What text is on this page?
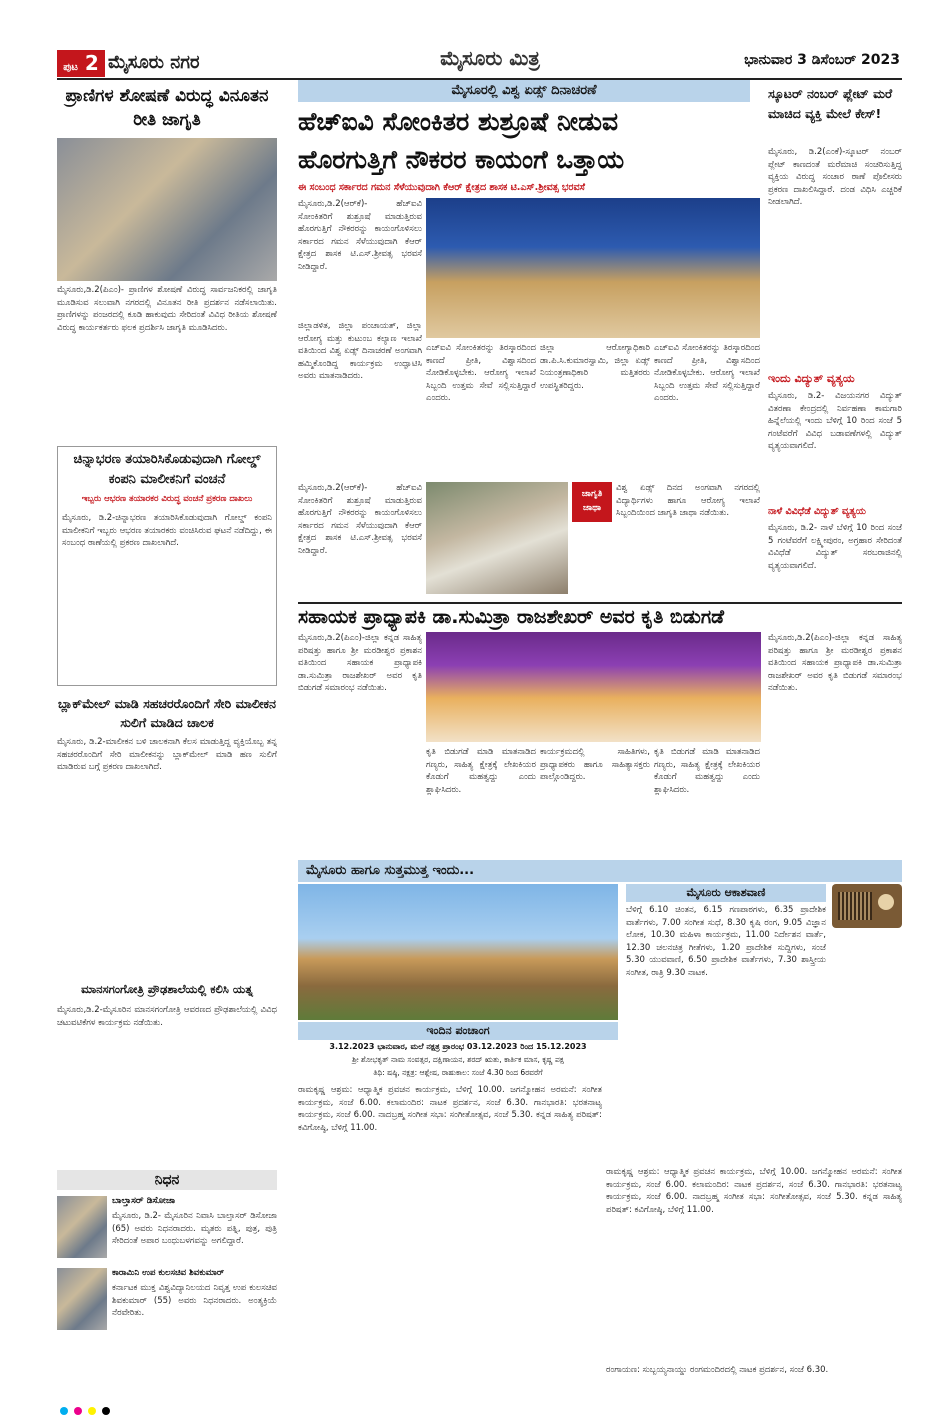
ಪುಟ 2 ಮೈಸೂರು ನಗರ	ಮೈಸೂರು ಮಿತ್ರ	ಭಾನುವಾರ 3 ಡಿಸೆಂಬರ್ 2023
ಪ್ರಾಣಿಗಳ ಶೋಷಣೆ ವಿರುದ್ಧ ವಿನೂತನ ರೀತಿ ಜಾಗೃತಿ
ಮೈಸೂರು,ಡಿ.2(ಪಿಎಂ)- ಪ್ರಾಣಿಗಳ ಶೋಷಣೆ ವಿರುದ್ಧ ಸಾರ್ವಜನಿಕರಲ್ಲಿ ಜಾಗೃತಿ ಮೂಡಿಸುವ ಸಲುವಾಗಿ ನಗರದಲ್ಲಿ ವಿನೂತನ ರೀತಿ ಪ್ರದರ್ಶನ ನಡೆಸಲಾಯಿತು. ಪ್ರಾಣಿಗಳನ್ನು ಪಂಜರದಲ್ಲಿ ಕೂಡಿ ಹಾಕುವುದು ಸೇರಿದಂತೆ ವಿವಿಧ ರೀತಿಯ ಶೋಷಣೆ ವಿರುದ್ಧ ಕಾರ್ಯಕರ್ತರು ಫಲಕ ಪ್ರದರ್ಶಿಸಿ ಜಾಗೃತಿ ಮೂಡಿಸಿದರು.
ಚಿನ್ನಾಭರಣ ತಯಾರಿಸಿಕೊಡುವುದಾಗಿ ಗೋಲ್ಡ್ ಕಂಪನಿ ಮಾಲೀಕನಿಗೆ ವಂಚನೆ
ಇಬ್ಬರು ಆಭರಣ ತಯಾರಕರ ವಿರುದ್ಧ ವಂಚನೆ ಪ್ರಕರಣ ದಾಖಲು
ಮೈಸೂರು, ಡಿ.2-ಚಿನ್ನಾಭರಣ ತಯಾರಿಸಿಕೊಡುವುದಾಗಿ ಗೋಲ್ಡ್ ಕಂಪನಿ ಮಾಲೀಕನಿಗೆ ಇಬ್ಬರು ಆಭರಣ ತಯಾರಕರು ವಂಚಿಸಿರುವ ಘಟನೆ ನಡೆದಿದ್ದು, ಈ ಸಂಬಂಧ ಠಾಣೆಯಲ್ಲಿ ಪ್ರಕರಣ ದಾಖಲಾಗಿದೆ.
ಬ್ಲಾಕ್‌ಮೇಲ್ ಮಾಡಿ ಸಹಚರರೊಂದಿಗೆ ಸೇರಿ ಮಾಲೀಕನ ಸುಲಿಗೆ ಮಾಡಿದ ಚಾಲಕ
ಮೈಸೂರು, ಡಿ.2-ಮಾಲೀಕನ ಬಳಿ ಚಾಲಕನಾಗಿ ಕೆಲಸ ಮಾಡುತ್ತಿದ್ದ ವ್ಯಕ್ತಿಯೊಬ್ಬ ತನ್ನ ಸಹಚರರೊಂದಿಗೆ ಸೇರಿ ಮಾಲೀಕನನ್ನು ಬ್ಲಾಕ್‌ಮೇಲ್ ಮಾಡಿ ಹಣ ಸುಲಿಗೆ ಮಾಡಿರುವ ಬಗ್ಗೆ ಪ್ರಕರಣ ದಾಖಲಾಗಿದೆ.
ಮಾನಸಗಂಗೋತ್ರಿ ಪ್ರೌಢಶಾಲೆಯಲ್ಲಿ ಕಲಿಸಿ ಯತ್ನ
ಮೈಸೂರು,ಡಿ.2-ಮೈಸೂರಿನ ಮಾನಸಗಂಗೋತ್ರಿ ಆವರಣದ ಪ್ರೌಢಶಾಲೆಯಲ್ಲಿ ವಿವಿಧ ಚಟುವಟಿಕೆಗಳ ಕಾರ್ಯಕ್ರಮ ನಡೆಯಿತು.
ನಿಧನ
ಬಾಲ್ತಾಸರ್ ಡಿಸೋಜಾ
ಮೈಸೂರು, ಡಿ.2- ಮೈಸೂರಿನ ನಿವಾಸಿ ಬಾಲ್ತಾಸರ್ ಡಿಸೋಜಾ (65) ಅವರು ನಿಧನರಾದರು. ಮೃತರು ಪತ್ನಿ, ಪುತ್ರ, ಪುತ್ರಿ ಸೇರಿದಂತೆ ಅಪಾರ ಬಂಧುಬಳಗವನ್ನು ಅಗಲಿದ್ದಾರೆ.
ಕಾರಾಮಿನಿ ಉಪ ಕುಲಸಚಿವ ಶಿವಕುಮಾರ್
ಕರ್ನಾಟಕ ಮುಕ್ತ ವಿಶ್ವವಿದ್ಯಾನಿಲಯದ ನಿವೃತ್ತ ಉಪ ಕುಲಸಚಿವ ಶಿವಕುಮಾರ್ (55) ಅವರು ನಿಧನರಾದರು. ಅಂತ್ಯಕ್ರಿಯೆ ನೆರವೇರಿತು.
ಮೈಸೂರಲ್ಲಿ ವಿಶ್ವ ಏಡ್ಸ್ ದಿನಾಚರಣೆ
ಹೆಚ್‌ಐವಿ ಸೋಂಕಿತರ ಶುಶ್ರೂಷೆ ನೀಡುವ
ಹೊರಗುತ್ತಿಗೆ ನೌಕರರ ಕಾಯಂಗೆ ಒತ್ತಾಯ
ಈ ಸಂಬಂಧ ಸರ್ಕಾರದ ಗಮನ ಸೆಳೆಯುವುದಾಗಿ ಕೆಆರ್ ಕ್ಷೇತ್ರದ ಶಾಸಕ ಟಿ.ಎಸ್.ಶ್ರೀವತ್ಸ ಭರವಸೆ
ಮೈಸೂರು,ಡಿ.2(ಆರ್‌ಕೆ)- ಹೆಚ್‌ಐವಿ ಸೋಂಕಿತರಿಗೆ ಶುಶ್ರೂಷೆ ಮಾಡುತ್ತಿರುವ ಹೊರಗುತ್ತಿಗೆ ನೌಕರರನ್ನು ಕಾಯಂಗೊಳಿಸಲು ಸರ್ಕಾರದ ಗಮನ ಸೆಳೆಯುವುದಾಗಿ ಕೆಆರ್ ಕ್ಷೇತ್ರದ ಶಾಸಕ ಟಿ.ಎಸ್.ಶ್ರೀವತ್ಸ ಭರವಸೆ ನೀಡಿದ್ದಾರೆ.
ಜಿಲ್ಲಾಡಳಿತ, ಜಿಲ್ಲಾ ಪಂಚಾಯತ್, ಜಿಲ್ಲಾ ಆರೋಗ್ಯ ಮತ್ತು ಕುಟುಂಬ ಕಲ್ಯಾಣ ಇಲಾಖೆ ವತಿಯಿಂದ ವಿಶ್ವ ಏಡ್ಸ್ ದಿನಾಚರಣೆ ಅಂಗವಾಗಿ ಹಮ್ಮಿಕೊಂಡಿದ್ದ ಕಾರ್ಯಕ್ರಮ ಉದ್ಘಾಟಿಸಿ ಅವರು ಮಾತನಾಡಿದರು.
ಎಚ್‌ಐವಿ ಸೋಂಕಿತರನ್ನು ತಿರಸ್ಕಾರದಿಂದ ಕಾಣದೆ ಪ್ರೀತಿ, ವಿಶ್ವಾಸದಿಂದ ನೋಡಿಕೊಳ್ಳಬೇಕು. ಆರೋಗ್ಯ ಇಲಾಖೆ ಸಿಬ್ಬಂದಿ ಉತ್ತಮ ಸೇವೆ ಸಲ್ಲಿಸುತ್ತಿದ್ದಾರೆ ಎಂದರು.
ಜಿಲ್ಲಾ ಆರೋಗ್ಯಾಧಿಕಾರಿ ಡಾ.ಪಿ.ಸಿ.ಕುಮಾರಸ್ವಾಮಿ, ಜಿಲ್ಲಾ ಏಡ್ಸ್ ನಿಯಂತ್ರಣಾಧಿಕಾರಿ ಮತ್ತಿತರರು ಉಪಸ್ಥಿತರಿದ್ದರು.
ಎಚ್‌ಐವಿ ಸೋಂಕಿತರನ್ನು ತಿರಸ್ಕಾರದಿಂದ ಕಾಣದೆ ಪ್ರೀತಿ, ವಿಶ್ವಾಸದಿಂದ ನೋಡಿಕೊಳ್ಳಬೇಕು. ಆರೋಗ್ಯ ಇಲಾಖೆ ಸಿಬ್ಬಂದಿ ಉತ್ತಮ ಸೇವೆ ಸಲ್ಲಿಸುತ್ತಿದ್ದಾರೆ ಎಂದರು.
ಮೈಸೂರು,ಡಿ.2(ಆರ್‌ಕೆ)- ಹೆಚ್‌ಐವಿ ಸೋಂಕಿತರಿಗೆ ಶುಶ್ರೂಷೆ ಮಾಡುತ್ತಿರುವ ಹೊರಗುತ್ತಿಗೆ ನೌಕರರನ್ನು ಕಾಯಂಗೊಳಿಸಲು ಸರ್ಕಾರದ ಗಮನ ಸೆಳೆಯುವುದಾಗಿ ಕೆಆರ್ ಕ್ಷೇತ್ರದ ಶಾಸಕ ಟಿ.ಎಸ್.ಶ್ರೀವತ್ಸ ಭರವಸೆ ನೀಡಿದ್ದಾರೆ.
ಜಾಗೃತಿ ಜಾಥಾ
ವಿಶ್ವ ಏಡ್ಸ್ ದಿನದ ಅಂಗವಾಗಿ ನಗರದಲ್ಲಿ ವಿದ್ಯಾರ್ಥಿಗಳು ಹಾಗೂ ಆರೋಗ್ಯ ಇಲಾಖೆ ಸಿಬ್ಬಂದಿಯಿಂದ ಜಾಗೃತಿ ಜಾಥಾ ನಡೆಯಿತು.
ಸ್ಕೂಟರ್ ನಂಬರ್ ಪ್ಲೇಟ್ ಮರೆ ಮಾಚಿದ ವ್ಯಕ್ತಿ ಮೇಲೆ ಕೇಸ್!
ಮೈಸೂರು, ಡಿ.2(ಎಂಕೆ)-ಸ್ಕೂಟರ್ ನಂಬರ್ ಪ್ಲೇಟ್ ಕಾಣದಂತೆ ಮರೆಮಾಚಿ ಸಂಚರಿಸುತ್ತಿದ್ದ ವ್ಯಕ್ತಿಯ ವಿರುದ್ಧ ಸಂಚಾರ ಠಾಣೆ ಪೊಲೀಸರು ಪ್ರಕರಣ ದಾಖಲಿಸಿದ್ದಾರೆ. ದಂಡ ವಿಧಿಸಿ ಎಚ್ಚರಿಕೆ ನೀಡಲಾಗಿದೆ.
ಇಂದು ವಿದ್ಯುತ್ ವ್ಯತ್ಯಯ
ಮೈಸೂರು, ಡಿ.2- ವಿಜಯನಗರ ವಿದ್ಯುತ್ ವಿತರಣಾ ಕೇಂದ್ರದಲ್ಲಿ ನಿರ್ವಹಣಾ ಕಾಮಗಾರಿ ಹಿನ್ನೆಲೆಯಲ್ಲಿ ಇಂದು ಬೆಳಿಗ್ಗೆ 10 ರಿಂದ ಸಂಜೆ 5 ಗಂಟೆವರೆಗೆ ವಿವಿಧ ಬಡಾವಣೆಗಳಲ್ಲಿ ವಿದ್ಯುತ್ ವ್ಯತ್ಯಯವಾಗಲಿದೆ.
ನಾಳೆ ವಿವಿಧೆಡೆ ವಿದ್ಯುತ್ ವ್ಯತ್ಯಯ
ಮೈಸೂರು, ಡಿ.2- ನಾಳೆ ಬೆಳಿಗ್ಗೆ 10 ರಿಂದ ಸಂಜೆ 5 ಗಂಟೆವರೆಗೆ ಲಕ್ಷ್ಮೀಪುರಂ, ಅಗ್ರಹಾರ ಸೇರಿದಂತೆ ವಿವಿಧೆಡೆ ವಿದ್ಯುತ್ ಸರಬರಾಜಿನಲ್ಲಿ ವ್ಯತ್ಯಯವಾಗಲಿದೆ.
ಸಹಾಯಕ ಪ್ರಾಧ್ಯಾಪಕಿ ಡಾ.ಸುಮಿತ್ರಾ ರಾಜಶೇಖರ್ ಅವರ ಕೃತಿ ಬಿಡುಗಡೆ
ಮೈಸೂರು,ಡಿ.2(ಪಿಎಂ)-ಜಿಲ್ಲಾ ಕನ್ನಡ ಸಾಹಿತ್ಯ ಪರಿಷತ್ತು ಹಾಗೂ ಶ್ರೀ ಮರಡೀಶ್ವರ ಪ್ರಕಾಶನ ವತಿಯಿಂದ ಸಹಾಯಕ ಪ್ರಾಧ್ಯಾಪಕಿ ಡಾ.ಸುಮಿತ್ರಾ ರಾಜಶೇಖರ್ ಅವರ ಕೃತಿ ಬಿಡುಗಡೆ ಸಮಾರಂಭ ನಡೆಯಿತು.
ಕೃತಿ ಬಿಡುಗಡೆ ಮಾಡಿ ಮಾತನಾಡಿದ ಗಣ್ಯರು, ಸಾಹಿತ್ಯ ಕ್ಷೇತ್ರಕ್ಕೆ ಲೇಖಕಿಯರ ಕೊಡುಗೆ ಮಹತ್ವದ್ದು ಎಂದು ಶ್ಲಾಘಿಸಿದರು.
ಕಾರ್ಯಕ್ರಮದಲ್ಲಿ ಸಾಹಿತಿಗಳು, ಪ್ರಾಧ್ಯಾಪಕರು ಹಾಗೂ ಸಾಹಿತ್ಯಾಸಕ್ತರು ಪಾಲ್ಗೊಂಡಿದ್ದರು.
ಕೃತಿ ಬಿಡುಗಡೆ ಮಾಡಿ ಮಾತನಾಡಿದ ಗಣ್ಯರು, ಸಾಹಿತ್ಯ ಕ್ಷೇತ್ರಕ್ಕೆ ಲೇಖಕಿಯರ ಕೊಡುಗೆ ಮಹತ್ವದ್ದು ಎಂದು ಶ್ಲಾಘಿಸಿದರು.
ಮೈಸೂರು,ಡಿ.2(ಪಿಎಂ)-ಜಿಲ್ಲಾ ಕನ್ನಡ ಸಾಹಿತ್ಯ ಪರಿಷತ್ತು ಹಾಗೂ ಶ್ರೀ ಮರಡೀಶ್ವರ ಪ್ರಕಾಶನ ವತಿಯಿಂದ ಸಹಾಯಕ ಪ್ರಾಧ್ಯಾಪಕಿ ಡಾ.ಸುಮಿತ್ರಾ ರಾಜಶೇಖರ್ ಅವರ ಕೃತಿ ಬಿಡುಗಡೆ ಸಮಾರಂಭ ನಡೆಯಿತು.
ಮೈಸೂರು ಹಾಗೂ ಸುತ್ತಮುತ್ತ ಇಂದು...
ಇಂದಿನ ಪಂಚಾಂಗ
3.12.2023 ಭಾನುವಾರ, ಮಲೆ ನಕ್ಷತ್ರ ಪ್ರಾರಂಭ 03.12.2023 ರಿಂದ 15.12.2023
ಶ್ರೀ ಶೋಭಕೃತ್ ನಾಮ ಸಂವತ್ಸರ, ದಕ್ಷಿಣಾಯನ, ಶರದ್ ಋತು, ಕಾರ್ತಿಕ ಮಾಸ, ಕೃಷ್ಣ ಪಕ್ಷ
ತಿಥಿ: ಷಷ್ಠಿ, ನಕ್ಷತ್ರ: ಆಶ್ಲೇಷ, ರಾಹುಕಾಲ: ಸಂಜೆ 4.30 ರಿಂದ 6ರವರೆಗೆ
ರಾಮಕೃಷ್ಣ ಆಶ್ರಮ: ಆಧ್ಯಾತ್ಮಿಕ ಪ್ರವಚನ ಕಾರ್ಯಕ್ರಮ, ಬೆಳಿಗ್ಗೆ 10.00. ಜಗನ್ಮೋಹನ ಅರಮನೆ: ಸಂಗೀತ ಕಾರ್ಯಕ್ರಮ, ಸಂಜೆ 6.00. ಕಲಾಮಂದಿರ: ನಾಟಕ ಪ್ರದರ್ಶನ, ಸಂಜೆ 6.30. ಗಾನಭಾರತಿ: ಭರತನಾಟ್ಯ ಕಾರ್ಯಕ್ರಮ, ಸಂಜೆ 6.00. ನಾದಬ್ರಹ್ಮ ಸಂಗೀತ ಸಭಾ: ಸಂಗೀತೋತ್ಸವ, ಸಂಜೆ 5.30. ಕನ್ನಡ ಸಾಹಿತ್ಯ ಪರಿಷತ್: ಕವಿಗೋಷ್ಠಿ, ಬೆಳಿಗ್ಗೆ 11.00.
ರಾಮಕೃಷ್ಣ ಆಶ್ರಮ: ಆಧ್ಯಾತ್ಮಿಕ ಪ್ರವಚನ ಕಾರ್ಯಕ್ರಮ, ಬೆಳಿಗ್ಗೆ 10.00. ಜಗನ್ಮೋಹನ ಅರಮನೆ: ಸಂಗೀತ ಕಾರ್ಯಕ್ರಮ, ಸಂಜೆ 6.00. ಕಲಾಮಂದಿರ: ನಾಟಕ ಪ್ರದರ್ಶನ, ಸಂಜೆ 6.30. ಗಾನಭಾರತಿ: ಭರತನಾಟ್ಯ ಕಾರ್ಯಕ್ರಮ, ಸಂಜೆ 6.00. ನಾದಬ್ರಹ್ಮ ಸಂಗೀತ ಸಭಾ: ಸಂಗೀತೋತ್ಸವ, ಸಂಜೆ 5.30. ಕನ್ನಡ ಸಾಹಿತ್ಯ ಪರಿಷತ್: ಕವಿಗೋಷ್ಠಿ, ಬೆಳಿಗ್ಗೆ 11.00.
ಮೈಸೂರು ಆಕಾಶವಾಣಿ
ಬೆಳಿಗ್ಗೆ 6.10 ಚಿಂತನ, 6.15 ಗಣಪಾಠಗಳು, 6.35 ಪ್ರಾದೇಶಿಕ ವಾರ್ತೆಗಳು, 7.00 ಸಂಗೀತ ಸುಧೆ, 8.30 ಕೃಷಿ ರಂಗ, 9.05 ವಿಜ್ಞಾನ ಲೋಕ, 10.30 ಮಹಿಳಾ ಕಾರ್ಯಕ್ರಮ, 11.00 ನಿರ್ದೇಶನ ವಾರ್ತೆ, 12.30 ಚಲನಚಿತ್ರ ಗೀತೆಗಳು, 1.20 ಪ್ರಾದೇಶಿಕ ಸುದ್ದಿಗಳು, ಸಂಜೆ 5.30 ಯುವವಾಣಿ, 6.50 ಪ್ರಾದೇಶಿಕ ವಾರ್ತೆಗಳು, 7.30 ಶಾಸ್ತ್ರೀಯ ಸಂಗೀತ, ರಾತ್ರಿ 9.30 ನಾಟಕ.
ರಂಗಾಯಣ: ಸುಬ್ಬಯ್ಯನಾಯ್ಡು ರಂಗಮಂದಿರದಲ್ಲಿ ನಾಟಕ ಪ್ರದರ್ಶನ, ಸಂಜೆ 6.30.
